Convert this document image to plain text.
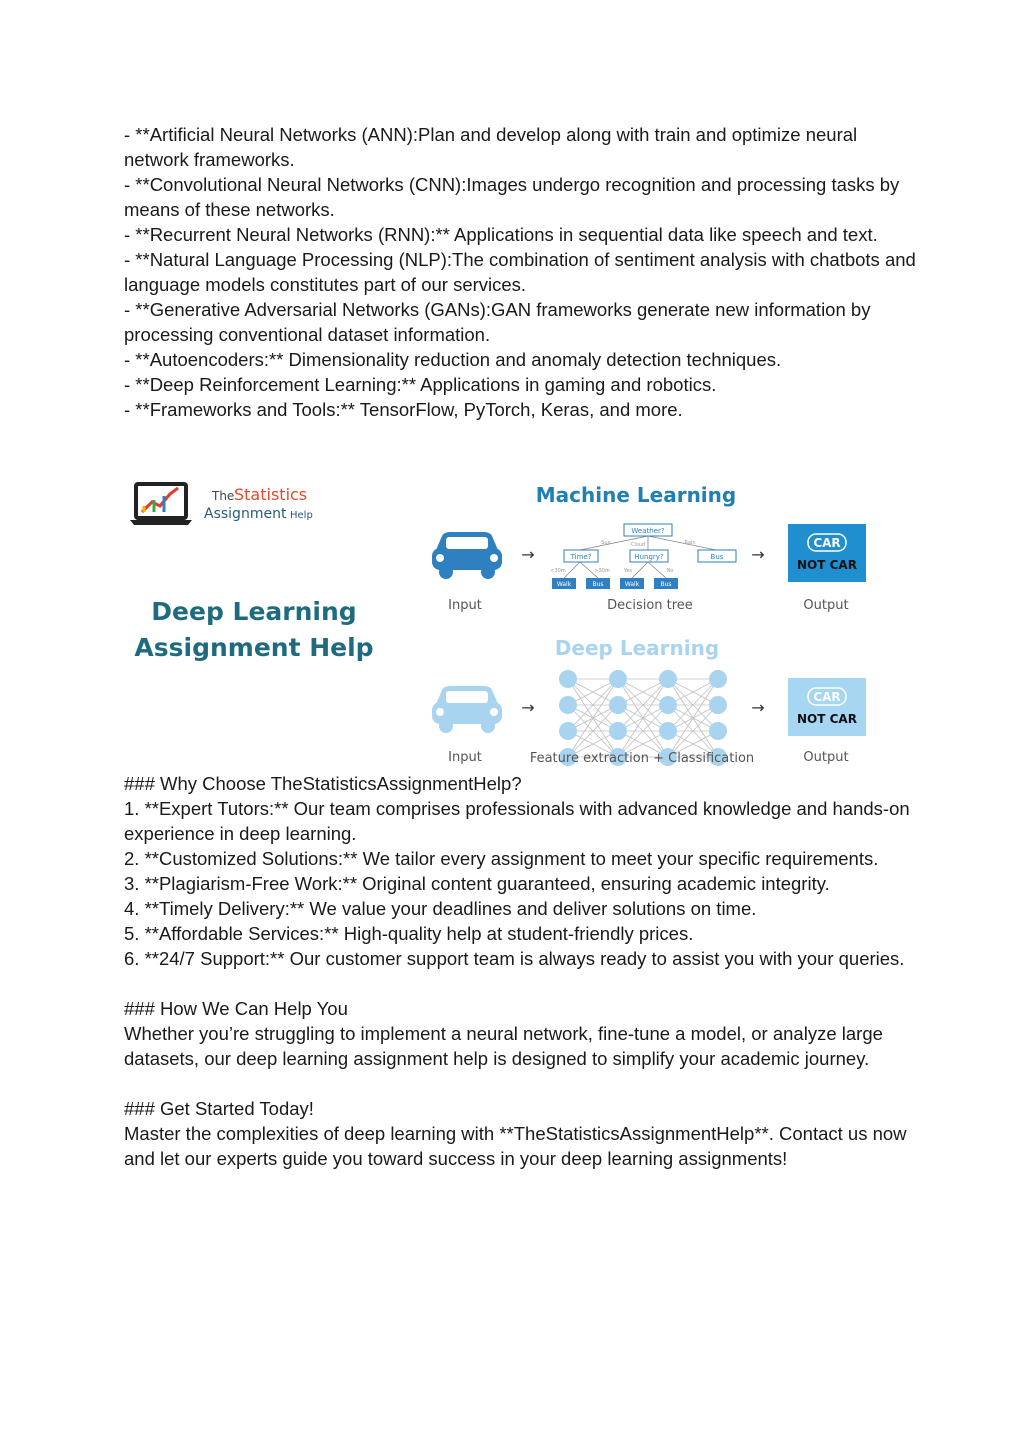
- **Artificial Neural Networks (ANN):Plan and develop along with train and optimize neural network frameworks.

- **Convolutional Neural Networks (CNN):Images undergo recognition and processing tasks by means of these networks.

- **Recurrent Neural Networks (RNN):** Applications in sequential data like speech and text.

- **Natural Language Processing (NLP):The combination of sentiment analysis with chatbots and language models constitutes part of our services.

- **Generative Adversarial Networks (GANs):GAN frameworks generate new information by processing conventional dataset information.

- **Autoencoders:** Dimensionality reduction and anomaly detection techniques.

- **Deep Reinforcement Learning:** Applications in gaming and robotics.

- **Frameworks and Tools:** TensorFlow, PyTorch, Keras, and more.

The Statistics
Assignment Help
Deep Learning
Assignment Help
Machine Learning
Input
→
Weather?
Sun	Cloud	Rain
Time?	Hungry?	Bus
<30m	>30m	Yes	No
Walk	Bus	Walk	Bus
Decision tree
→
CAR
NOT CAR
Output
Deep Learning
Input
→
Feature extraction + Classification
→
CAR
NOT CAR
Output

### Why Choose TheStatisticsAssignmentHelp?

1. **Expert Tutors:** Our team comprises professionals with advanced knowledge and hands-on experience in deep learning.

2. **Customized Solutions:** We tailor every assignment to meet your specific requirements.

3. **Plagiarism-Free Work:** Original content guaranteed, ensuring academic integrity.

4. **Timely Delivery:** We value your deadlines and deliver solutions on time.

5. **Affordable Services:** High-quality help at student-friendly prices.

6. **24/7 Support:** Our customer support team is always ready to assist you with your queries.

### How We Can Help You

Whether you’re struggling to implement a neural network, fine-tune a model, or analyze large datasets, our deep learning assignment help is designed to simplify your academic journey.

### Get Started Today!

Master the complexities of deep learning with **TheStatisticsAssignmentHelp**. Contact us now and let our experts guide you toward success in your deep learning assignments!
